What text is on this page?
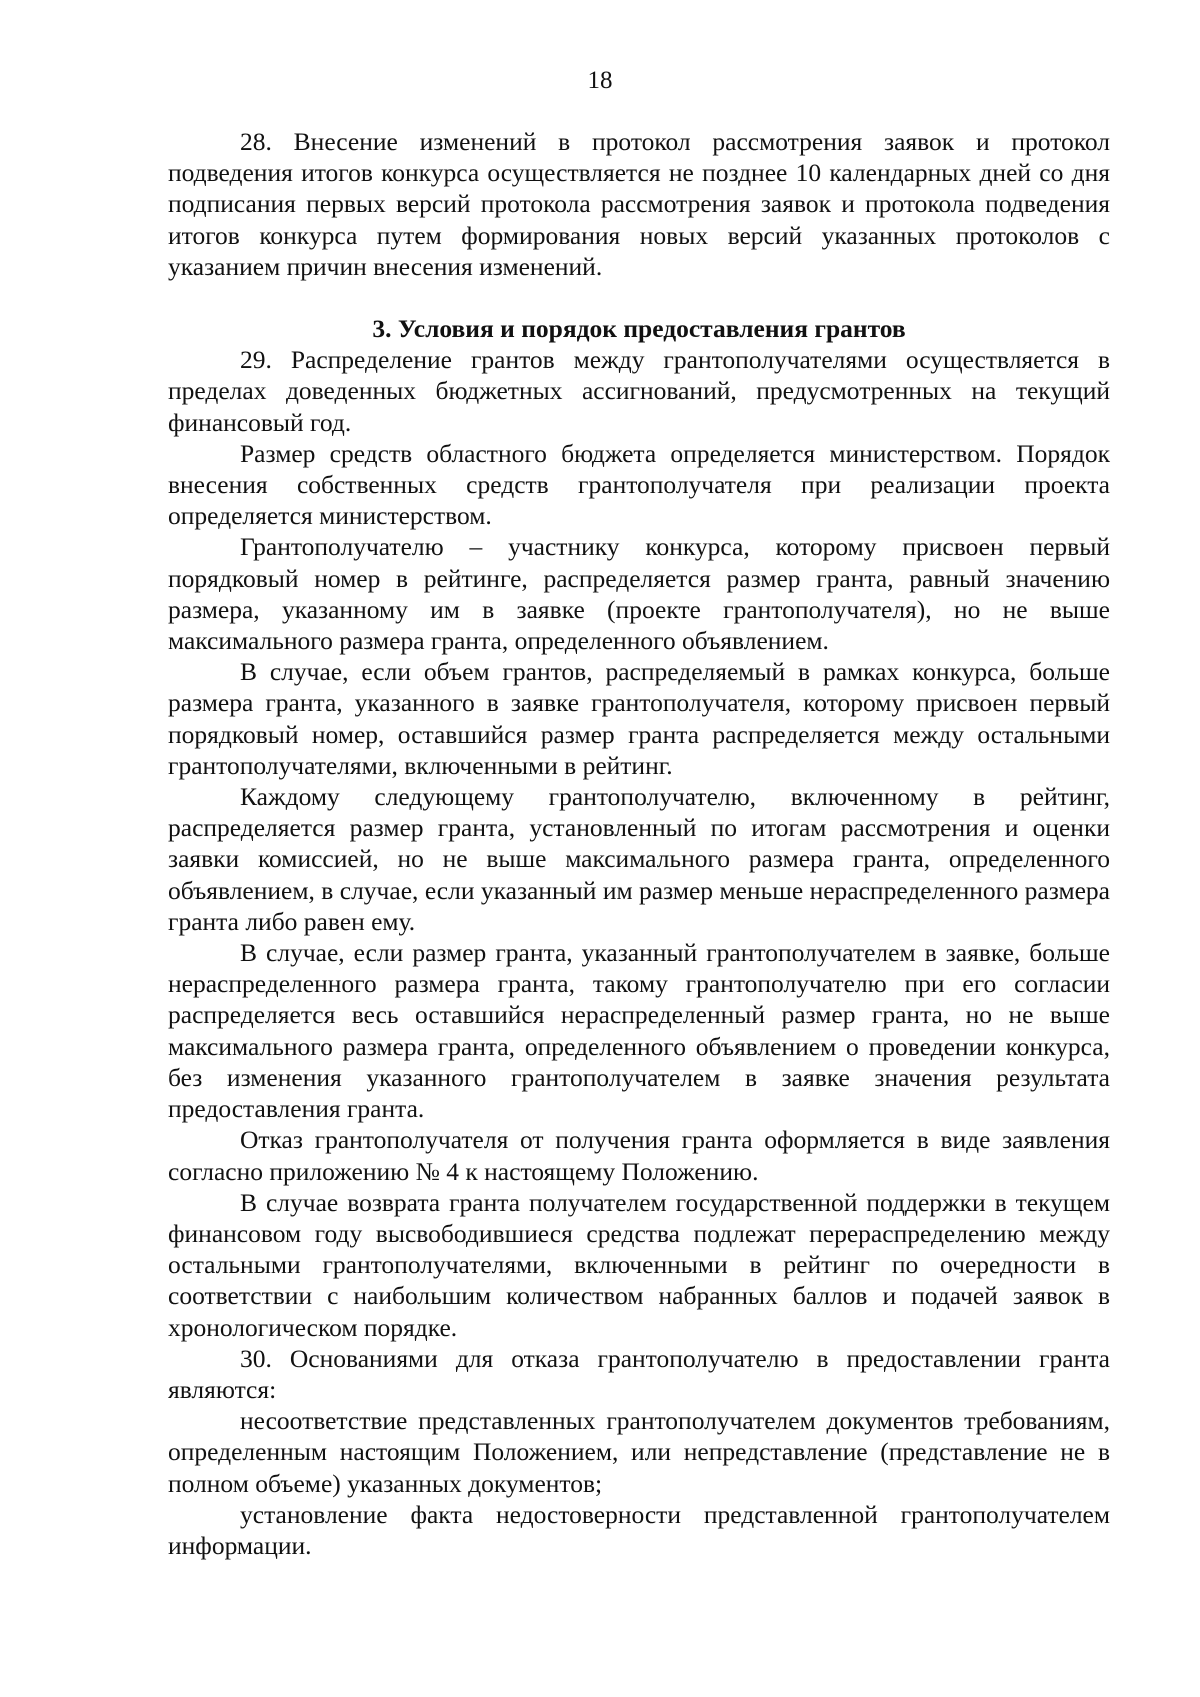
18

28. Внесение изменений в протокол рассмотрения заявок и протокол подведения итогов конкурса осуществляется не позднее 10 календарных дней со дня подписания первых версий протокола рассмотрения заявок и протокола подведения итогов конкурса путем формирования новых версий указанных протоколов с указанием причин внесения изменений.

3. Условия и порядок предоставления грантов

29. Распределение грантов между грантополучателями осуществляется в пределах доведенных бюджетных ассигнований, предусмотренных на текущий финансовый год.

Размер средств областного бюджета определяется министерством. Порядок внесения собственных средств грантополучателя при реализации проекта определяется министерством.

Грантополучателю – участнику конкурса, которому присвоен первый порядковый номер в рейтинге, распределяется размер гранта, равный значению размера, указанному им в заявке (проекте грантополучателя), но не выше максимального размера гранта, определенного объявлением.

В случае, если объем грантов, распределяемый в рамках конкурса, больше размера гранта, указанного в заявке грантополучателя, которому присвоен первый порядковый номер, оставшийся размер гранта распределяется между остальными грантополучателями, включенными в рейтинг.

Каждому следующему грантополучателю, включенному в рейтинг, распределяется размер гранта, установленный по итогам рассмотрения и оценки заявки комиссией, но не выше максимального размера гранта, определенного объявлением, в случае, если указанный им размер меньше нераспределенного размера гранта либо равен ему.

В случае, если размер гранта, указанный грантополучателем в заявке, больше нераспределенного размера гранта, такому грантополучателю при его согласии распределяется весь оставшийся нераспределенный размер гранта, но не выше максимального размера гранта, определенного объявлением о проведении конкурса, без изменения указанного грантополучателем в заявке значения результата предоставления гранта.

Отказ грантополучателя от получения гранта оформляется в виде заявления согласно приложению № 4 к настоящему Положению.

В случае возврата гранта получателем государственной поддержки в текущем финансовом году высвободившиеся средства подлежат перераспределению между остальными грантополучателями, включенными в рейтинг по очередности в соответствии с наибольшим количеством набранных баллов и подачей заявок в хронологическом порядке.

30. Основаниями для отказа грантополучателю в предоставлении гранта являются:

несоответствие представленных грантополучателем документов требованиям, определенным настоящим Положением, или непредставление (представление не в полном объеме) указанных документов;

установление факта недостоверности представленной грантополучателем информации.
